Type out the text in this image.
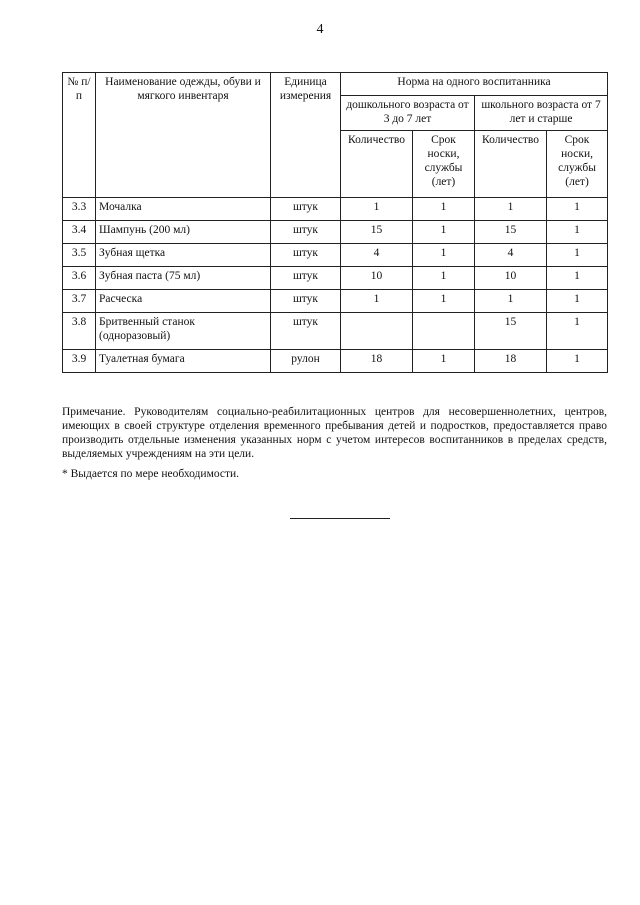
4
№ п/п	Наименование одежды, обуви и мягкого инвентаря	Единица измерения	Норма на одного воспитанника			
			дошкольного возраста от 3 до 7 лет		школьного возраста от 7 лет и старше	
			Количество	Срок носки, службы (лет)	Количество	Срок носки, службы (лет)
3.3	Мочалка	штук	1	1	1	1
3.4	Шампунь (200 мл)	штук	15	1	15	1
3.5	Зубная щетка	штук	4	1	4	1
3.6	Зубная паста (75 мл)	штук	10	1	10	1
3.7	Расческа	штук	1	1	1	1
3.8	Бритвенный станок (одноразовый)	штук			15	1
3.9	Туалетная бумага	рулон	18	1	18	1

Примечание. Руководителям социально-реабилитационных центров для несовершеннолетних, центров, имеющих в своей структуре отделения временного пребывания детей и подростков, предоставляется право производить отдельные изменения указанных норм с учетом интересов воспитанников в пределах средств, выделяемых учреждениям на эти цели.

* Выдается по мере необходимости.
